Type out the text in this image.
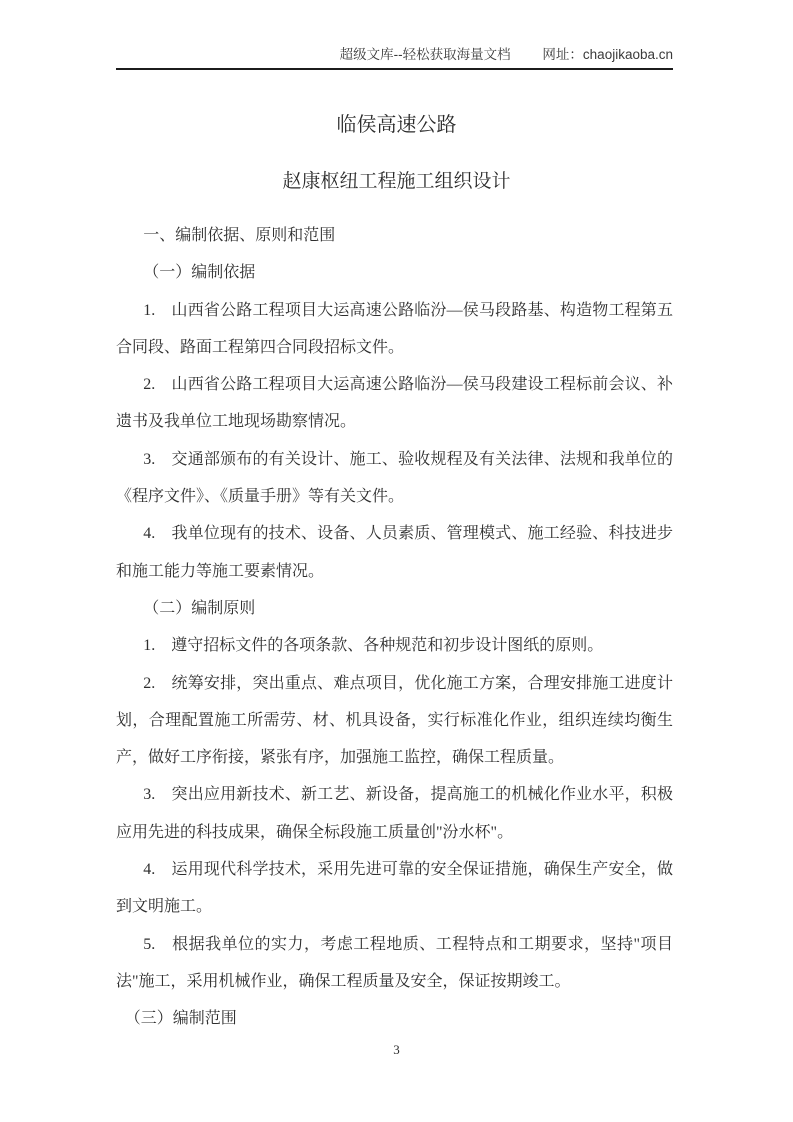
超级文库--轻松获取海量文档 网址：chaojikaoba.cn
临侯高速公路
赵康枢纽工程施工组织设计

一、编制依据、原则和范围

（一）编制依据

1.　山西省公路工程项目大运高速公路临汾—侯马段路基、构造物工程第五合同段、路面工程第四合同段招标文件。

2.　山西省公路工程项目大运高速公路临汾—侯马段建设工程标前会议、补遗书及我单位工地现场勘察情况。

3.　交通部颁布的有关设计、施工、验收规程及有关法律、法规和我单位的《程序文件》、《质量手册》等有关文件。

4.　我单位现有的技术、设备、人员素质、管理模式、施工经验、科技进步和施工能力等施工要素情况。

（二）编制原则

1.　遵守招标文件的各项条款、各种规范和初步设计图纸的原则。

2.　统筹安排，突出重点、难点项目，优化施工方案，合理安排施工进度计划，合理配置施工所需劳、材、机具设备，实行标准化作业，组织连续均衡生产，做好工序衔接，紧张有序，加强施工监控，确保工程质量。

3.　突出应用新技术、新工艺、新设备，提高施工的机械化作业水平，积极应用先进的科技成果，确保全标段施工质量创"汾水杯"。

4.　运用现代科学技术，采用先进可靠的安全保证措施，确保生产安全，做到文明施工。

5.　根据我单位的实力，考虑工程地质、工程特点和工期要求，坚持"项目法"施工，采用机械作业，确保工程质量及安全，保证按期竣工。

（三）编制范围

3
